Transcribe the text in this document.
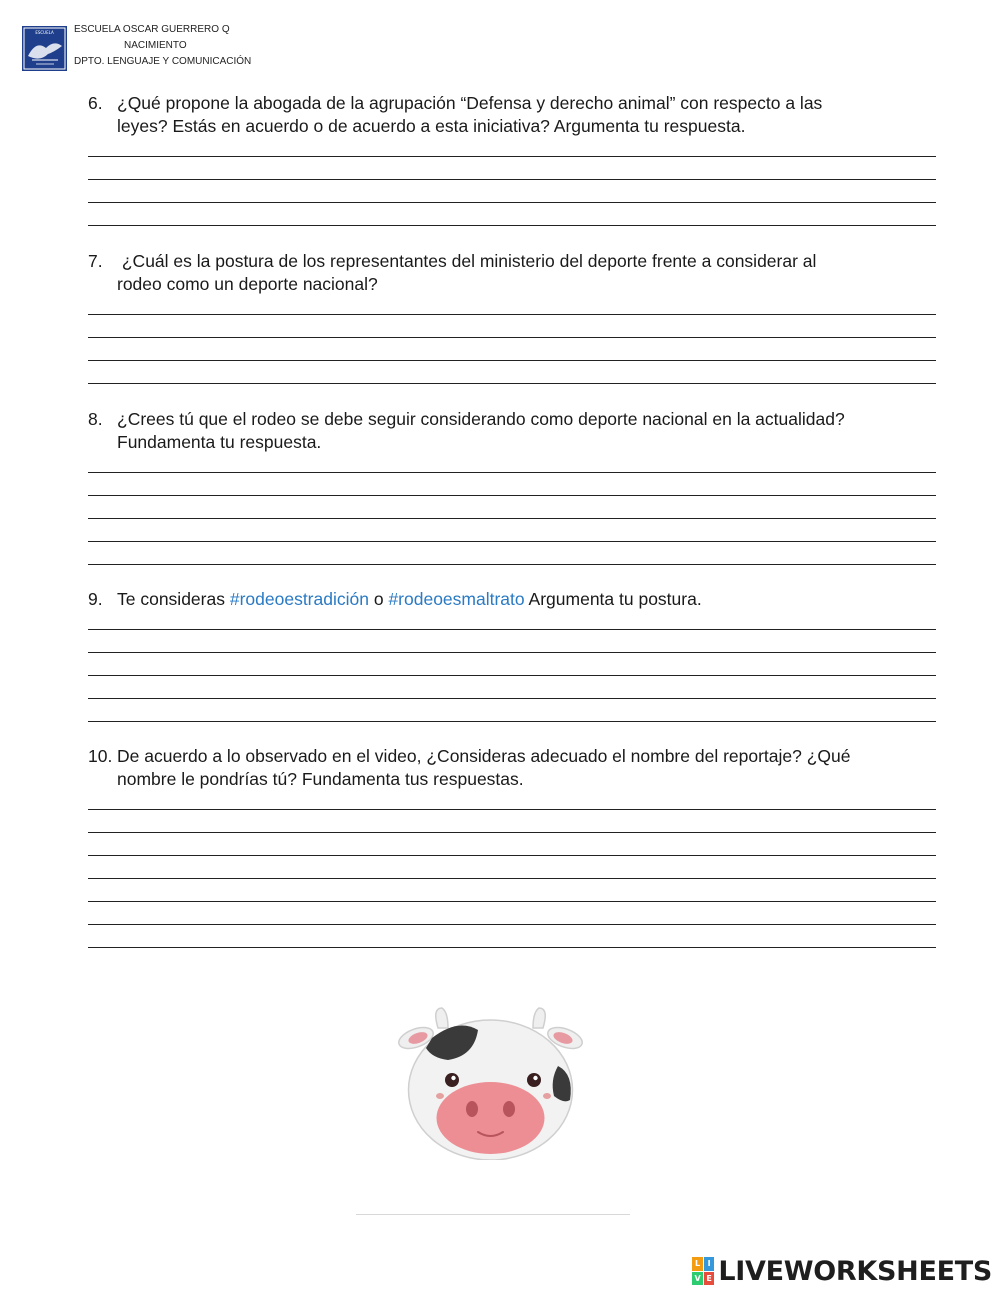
ESCUELA ESCUELA OSCAR GUERRERO Q
NACIMIENTO
DPTO. LENGUAJE Y COMUNICACIÓN
6. ¿Qué propone la abogada de la agrupación “Defensa y derecho animal” con respecto a las
leyes? Estás en acuerdo o de acuerdo a esta iniciativa? Argumenta tu respuesta.
7. ¿Cuál es la postura de los representantes del ministerio del deporte frente a considerar al
rodeo como un deporte nacional?
8. ¿Crees tú que el rodeo se debe seguir considerando como deporte nacional en la actualidad?
Fundamenta tu respuesta.
9. Te consideras #rodeoestradición o #rodeoesmaltrato Argumenta tu postura.
10. De acuerdo a lo observado en el video, ¿Consideras adecuado el nombre del reportaje? ¿Qué
nombre le pondrías tú? Fundamenta tus respuestas.
L I
V E LIVEWORKSHEETS
